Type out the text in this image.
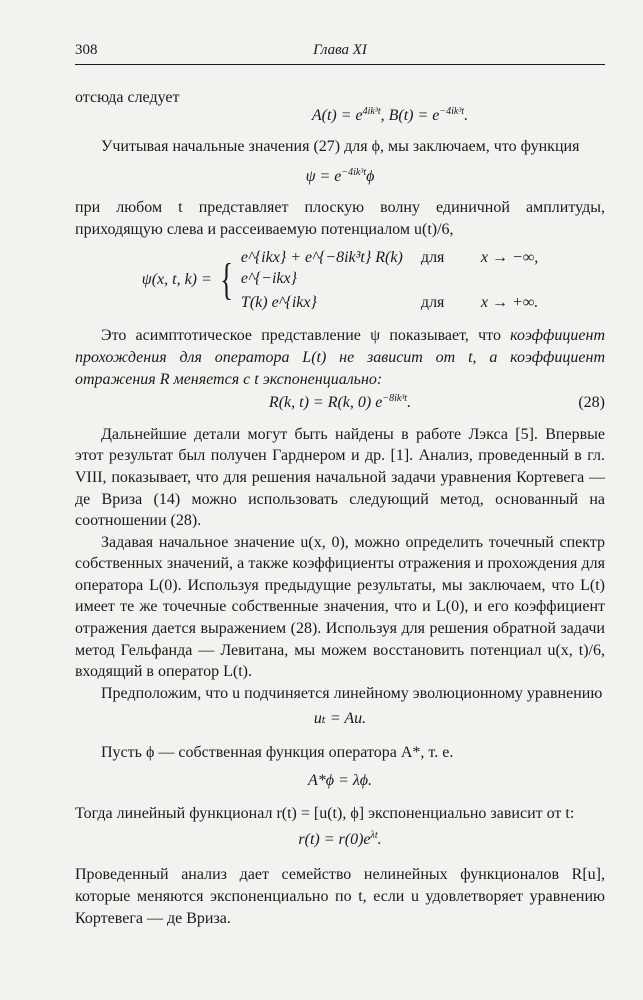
308	Глава XI

отсюда следует

$A(t) = e^{4ik^3t}$, $B(t) = e^{-4ik^3t}$.

Учитывая начальные значения (27) для ϕ, мы заключаем, что функция

$\psi = e^{-4ik^3t}\phi$

при любом t представляет плоскую волну единичной амплитуды, приходящую слева и рассеиваемую потенциалом u(t)/6,

ψ(x, t, k) = { e^{ikx} + e^{−8ik³t} R(k) e^{−ikx}
для	x → −∞,
T(k) e^{ikx}	для	x → +∞.

Это асимптотическое представление ψ показывает, что коэффициент прохождения для оператора L(t) не зависит от t, а коэффициент отражения R меняется с t экспоненциально:

R(k, t) = R(k, 0) $e^{-8ik^3t}$.	(28)

Дальнейшие детали могут быть найдены в работе Лэкса [5]. Впервые этот результат был получен Гарднером и др. [1]. Анализ, проведенный в гл. VIII, показывает, что для решения начальной задачи уравнения Кортевега — де Вриза (14) можно использовать следующий метод, основанный на соотношении (28).

Задавая начальное значение u(x, 0), можно определить точечный спектр собственных значений, а также коэффициенты отражения и прохождения для оператора L(0). Используя предыдущие результаты, мы заключаем, что L(t) имеет те же точечные собственные значения, что и L(0), и его коэффициент отражения дается выражением (28). Используя для решения обратной задачи метод Гельфанда — Левитана, мы можем восстановить потенциал u(x, t)/6, входящий в оператор L(t).

Предположим, что u подчиняется линейному эволюционному уравнению

uₜ = Au.

Пусть ϕ — собственная функция оператора A*, т. е.

A*ϕ = λϕ.

Тогда линейный функционал r(t) = [u(t), ϕ] экспоненциально зависит от t:

$r(t) = r(0)e^{\lambda t}$.

Проведенный анализ дает семейство нелинейных функционалов R[u], которые меняются экспоненциально по t, если u удовлетворяет уравнению Кортевега — де Вриза.
